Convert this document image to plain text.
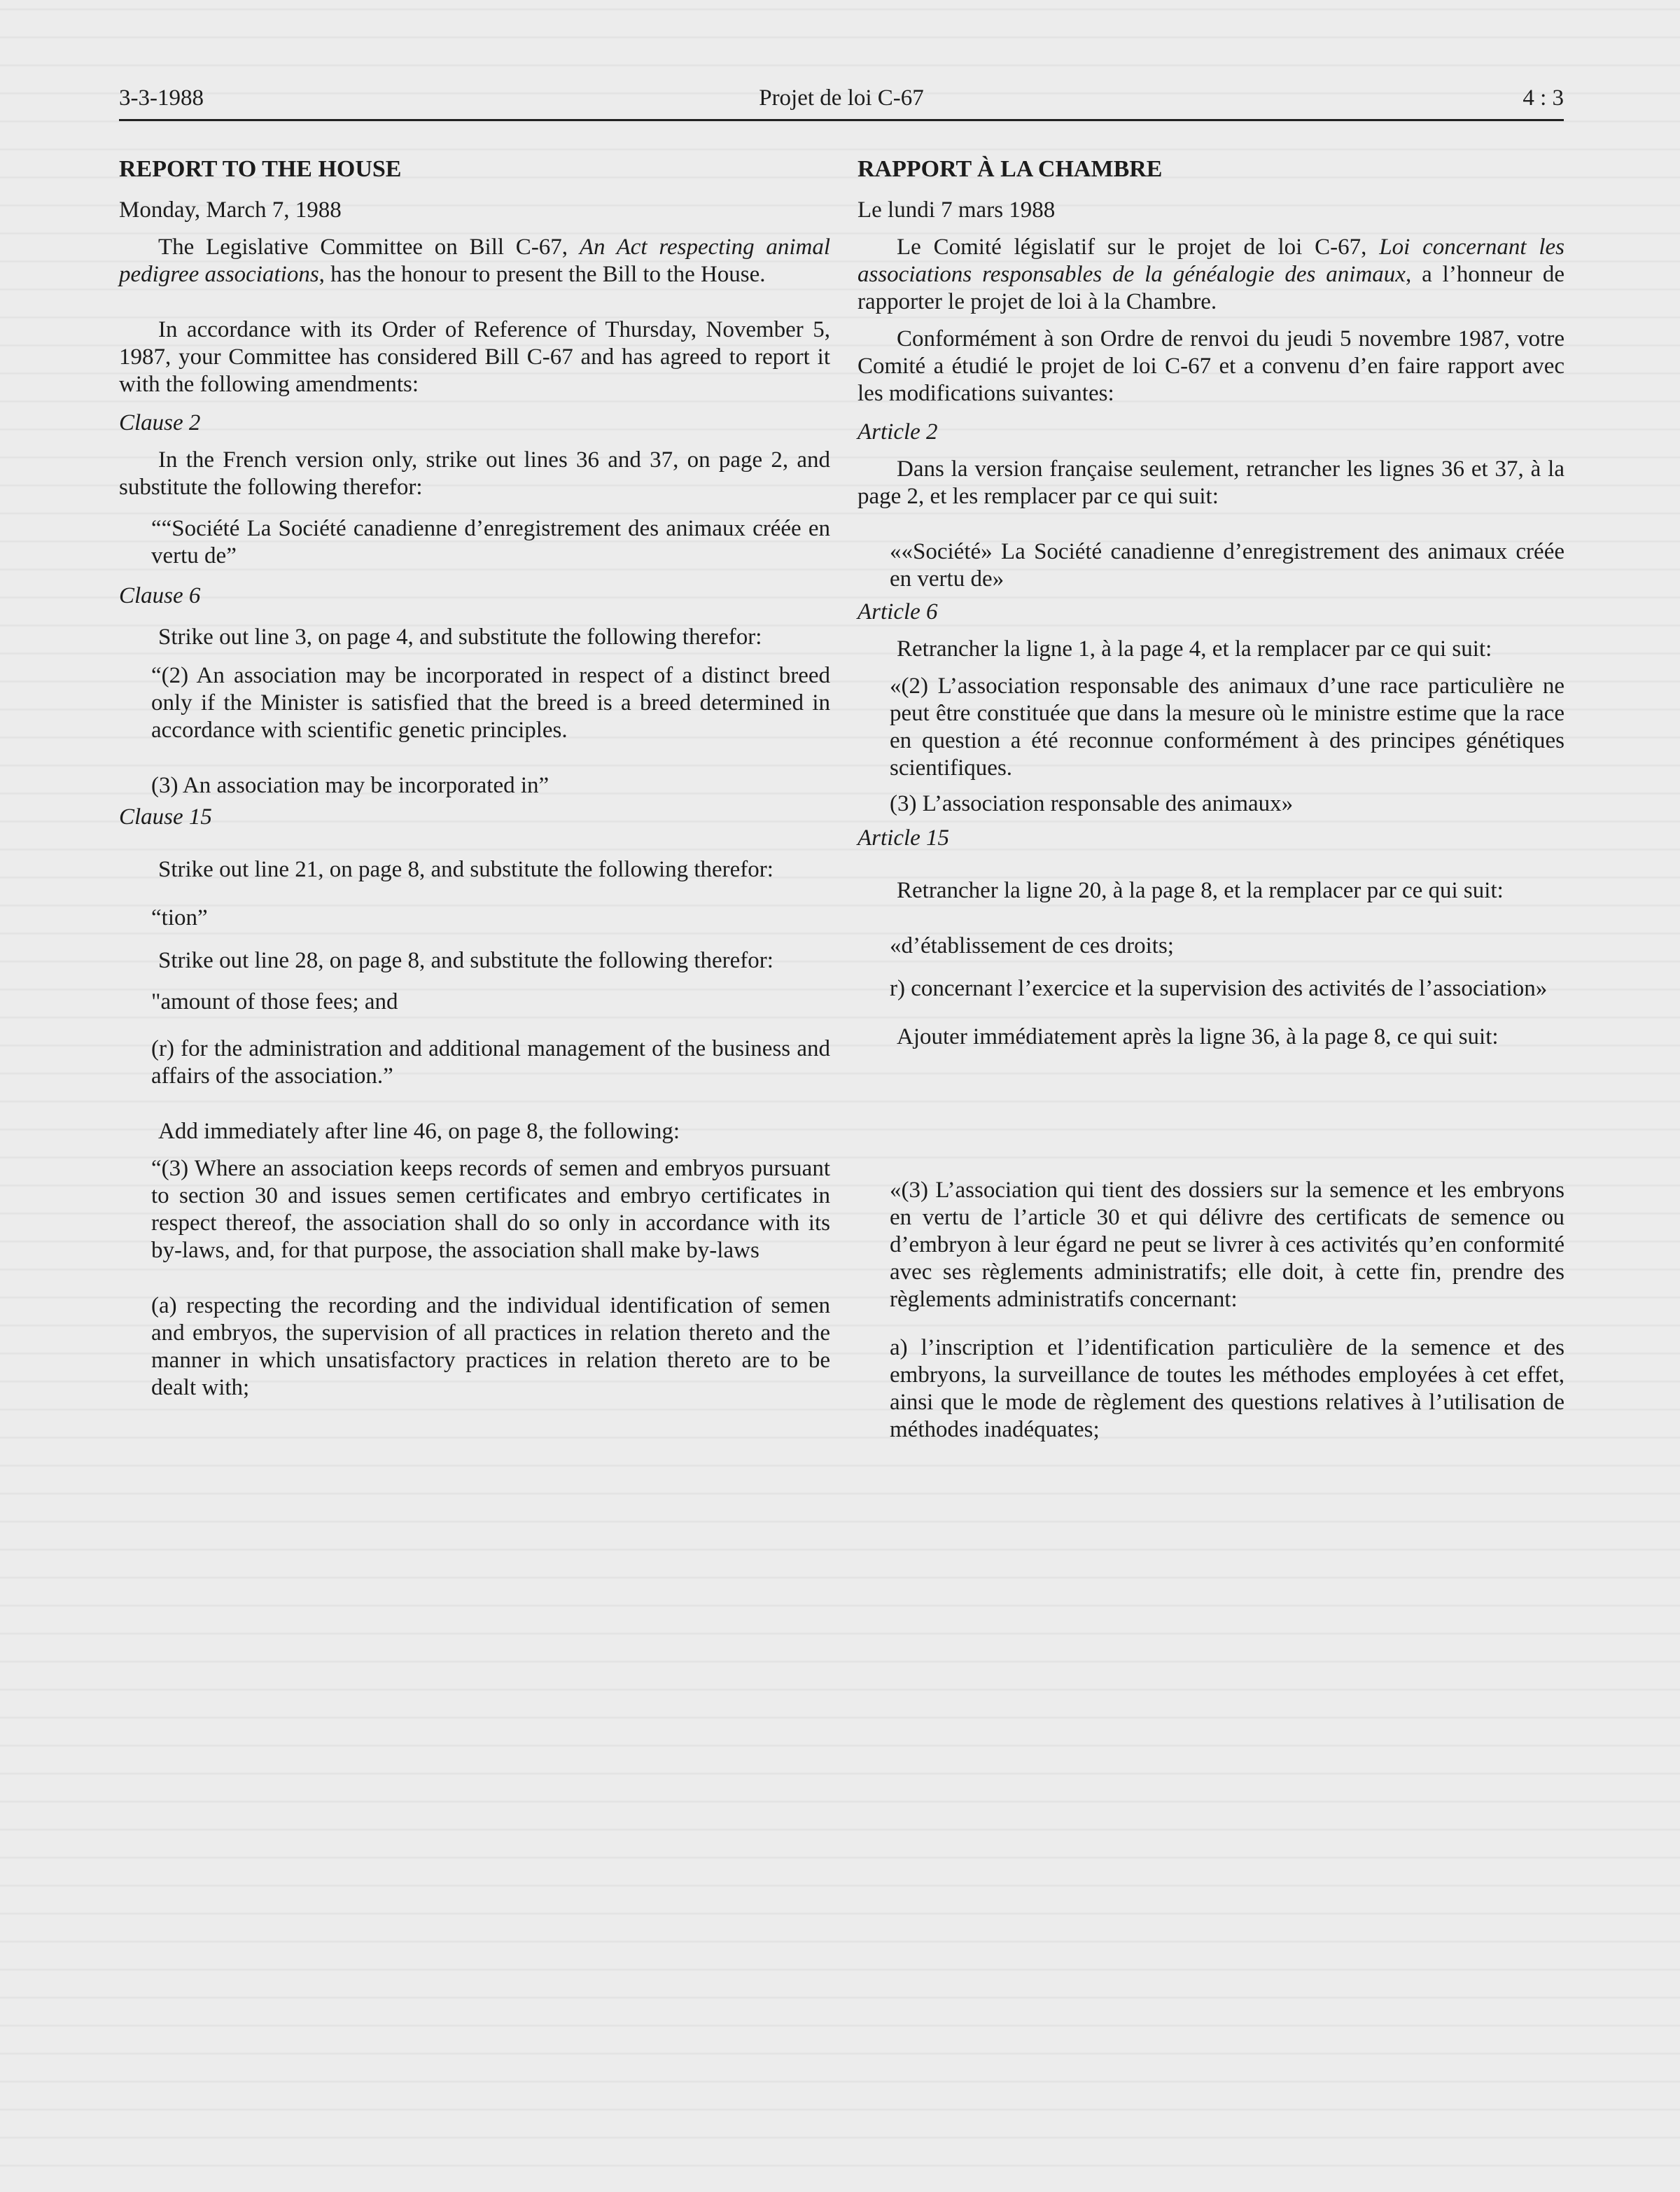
3-3-1988	Projet de loi C-67	4 : 3
REPORT TO THE HOUSE
Monday, March 7, 1988

The Legislative Committee on Bill C-67, An Act respecting animal pedigree associations, has the honour to present the Bill to the House.

In accordance with its Order of Reference of Thursday, November 5, 1987, your Committee has considered Bill C-67 and has agreed to report it with the following amendments:

Clause 2

In the French version only, strike out lines 36 and 37, on page 2, and substitute the following therefor:

““Société La Société canadienne d’enregistrement des animaux créée en vertu de”

Clause 6

Strike out line 3, on page 4, and substitute the following therefor:

“(2) An association may be incorporated in respect of a distinct breed only if the Minister is satisfied that the breed is a breed determined in accordance with scientific genetic principles.

(3) An association may be incorporated in”

Clause 15

Strike out line 21, on page 8, and substitute the following therefor:

“tion”

Strike out line 28, on page 8, and substitute the following therefor:

"amount of those fees; and

(r) for the administration and additional management of the business and affairs of the association.”

Add immediately after line 46, on page 8, the following:

“(3) Where an association keeps records of semen and embryos pursuant to section 30 and issues semen certificates and embryo certificates in respect thereof, the association shall do so only in accordance with its by-laws, and, for that purpose, the association shall make by-laws

(a) respecting the recording and the individual identification of semen and embryos, the supervision of all practices in relation thereto and the manner in which unsatisfactory practices in relation thereto are to be dealt with;

RAPPORT À LA CHAMBRE
Le lundi 7 mars 1988

Le Comité législatif sur le projet de loi C-67, Loi concernant les associations responsables de la généalogie des animaux, a l’honneur de rapporter le projet de loi à la Chambre.

Conformément à son Ordre de renvoi du jeudi 5 novembre 1987, votre Comité a étudié le projet de loi C-67 et a convenu d’en faire rapport avec les modifications suivantes:

Article 2

Dans la version française seulement, retrancher les lignes 36 et 37, à la page 2, et les remplacer par ce qui suit:

««Société» La Société canadienne d’enregistrement des animaux créée en vertu de»

Article 6

Retrancher la ligne 1, à la page 4, et la remplacer par ce qui suit:

«(2) L’association responsable des animaux d’une race particulière ne peut être constituée que dans la mesure où le ministre estime que la race en question a été reconnue conformément à des principes génétiques scientifiques.

(3) L’association responsable des animaux»

Article 15

Retrancher la ligne 20, à la page 8, et la remplacer par ce qui suit:

«d’établissement de ces droits;

r) concernant l’exercice et la supervision des activités de l’association»

Ajouter immédiatement après la ligne 36, à la page 8, ce qui suit:

«(3) L’association qui tient des dossiers sur la semence et les embryons en vertu de l’article 30 et qui délivre des certificats de semence ou d’embryon à leur égard ne peut se livrer à ces activités qu’en conformité avec ses règlements administratifs; elle doit, à cette fin, prendre des règlements administratifs concernant:

a) l’inscription et l’identification particulière de la semence et des embryons, la surveillance de toutes les méthodes employées à cet effet, ainsi que le mode de règlement des questions relatives à l’utilisation de méthodes inadéquates;
